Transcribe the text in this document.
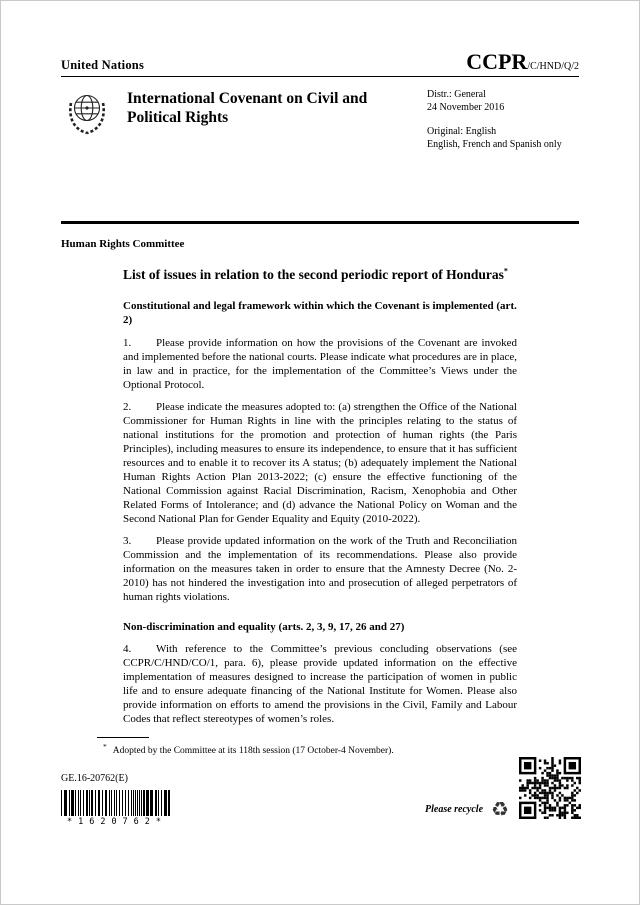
United Nations	CCPR/C/HND/Q/2
International Covenant on Civil and Political Rights
Distr.: General
24 November 2016
Original: English
English, French and Spanish only
Human Rights Committee
List of issues in relation to the second periodic report of Honduras*
Constitutional and legal framework within which the Covenant is implemented (art. 2)

1. Please provide information on how the provisions of the Covenant are invoked and implemented before the national courts. Please indicate what procedures are in place, in law and in practice, for the implementation of the Committee’s Views under the Optional Protocol.

2. Please indicate the measures adopted to: (a) strengthen the Office of the National Commissioner for Human Rights in line with the principles relating to the status of national institutions for the promotion and protection of human rights (the Paris Principles), including measures to ensure its independence, to ensure that it has sufficient resources and to enable it to recover its A status; (b) adequately implement the National Human Rights Action Plan 2013-2022; (c) ensure the effective functioning of the National Commission against Racial Discrimination, Racism, Xenophobia and Other Related Forms of Intolerance; and (d) advance the National Policy on Woman and the Second National Plan for Gender Equality and Equity (2010-2022).

3. Please provide updated information on the work of the Truth and Reconciliation Commission and the implementation of its recommendations. Please also provide information on the measures taken in order to ensure that the Amnesty Decree (No. 2-2010) has not hindered the investigation into and prosecution of alleged perpetrators of human rights violations.

Non-discrimination and equality (arts. 2, 3, 9, 17, 26 and 27)

4. With reference to the Committee’s previous concluding observations (see CCPR/C/HND/CO/1, para. 6), please provide updated information on the effective implementation of measures designed to increase the participation of women in public life and to ensure adequate financing of the National Institute for Women. Please also provide information on efforts to amend the provisions in the Civil, Family and Labour Codes that reflect stereotypes of women’s roles.

* Adopted by the Committee at its 118th session (17 October-4 November).
GE.16-20762(E)
*1620762*
Please recycle ♻
